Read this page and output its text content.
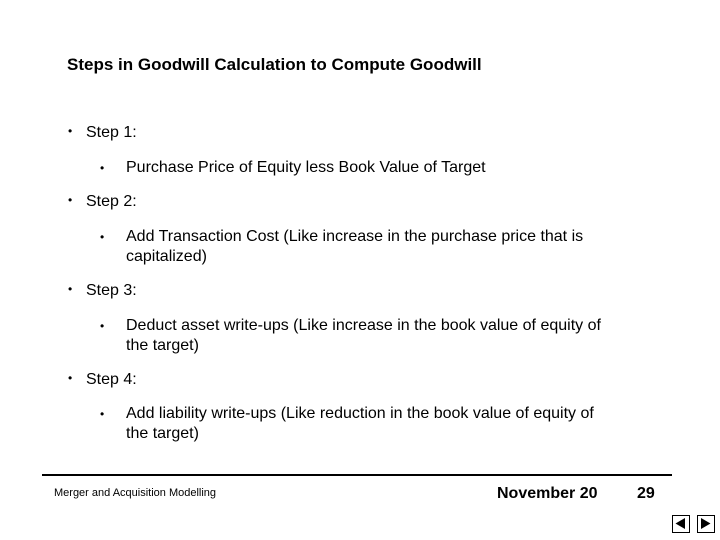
Steps in Goodwill Calculation to Compute Goodwill
• Step 1:
• Purchase Price of Equity less Book Value of Target
• Step 2:
• Add Transaction Cost (Like increase in the purchase price that is capitalized)
• Step 3:
• Deduct asset write-ups (Like increase in the book value of equity of the target)
• Step 4:
• Add liability write-ups (Like reduction in the book value of equity of the target)
Merger and Acquisition Modelling	November 20 29
